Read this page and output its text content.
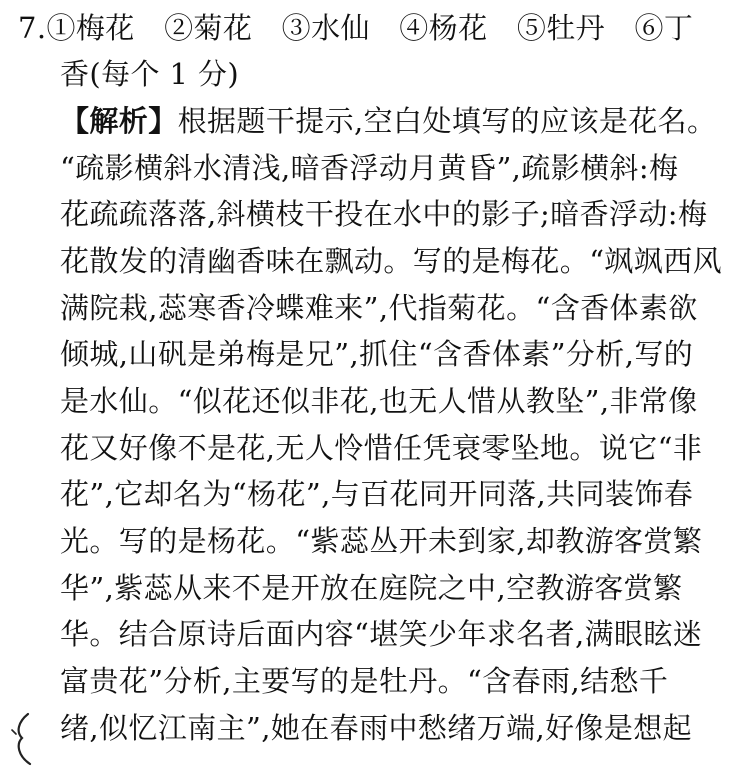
7.①梅花　②菊花　③水仙　④杨花　⑤牡丹　⑥丁
香(每个 1 分)
【解析】根据题干提示,空白处填写的应该是花名。
“疏影横斜水清浅,暗香浮动月黄昏”,疏影横斜:梅
花疏疏落落,斜横枝干投在水中的影子;暗香浮动:梅
花散发的清幽香味在飘动。写的是梅花。“飒飒西风
满院栽,蕊寒香冷蝶难来”,代指菊花。“含香体素欲
倾城,山矾是弟梅是兄”,抓住“含香体素”分析,写的
是水仙。“似花还似非花,也无人惜从教坠”,非常像
花又好像不是花,无人怜惜任凭衰零坠地。说它“非
花”,它却名为“杨花”,与百花同开同落,共同装饰春
光。写的是杨花。“紫蕊丛开未到家,却教游客赏繁
华”,紫蕊从来不是开放在庭院之中,空教游客赏繁
华。结合原诗后面内容“堪笑少年求名者,满眼眩迷
富贵花”分析,主要写的是牡丹。“含春雨,结愁千
绪,似忆江南主”,她在春雨中愁绪万端,好像是想起
